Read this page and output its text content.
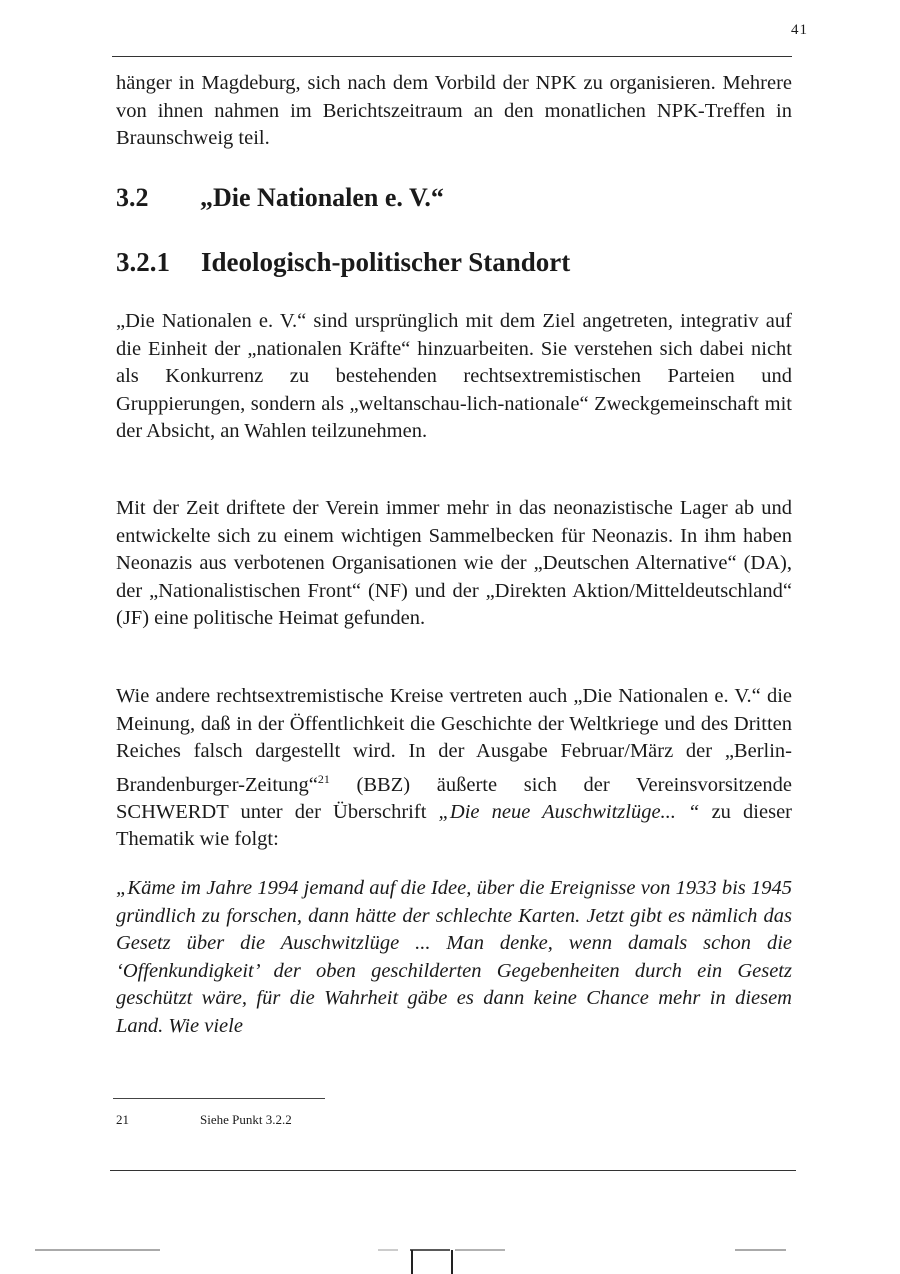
41

hänger in Magdeburg, sich nach dem Vorbild der NPK zu organisieren. Mehrere von ihnen nahmen im Berichtszeitraum an den monatlichen NPK-Treffen in Braunschweig teil.

3.2 „Die Nationalen e. V.“
3.2.1 Ideologisch-politischer Standort

„Die Nationalen e. V.“ sind ursprünglich mit dem Ziel angetreten, integrativ auf die Einheit der „nationalen Kräfte“ hinzuarbeiten. Sie verstehen sich dabei nicht als Konkurrenz zu bestehenden rechtsextremistischen Parteien und Gruppierungen, sondern als „weltanschau-lich-nationale“ Zweckgemeinschaft mit der Absicht, an Wahlen teilzunehmen.

Mit der Zeit driftete der Verein immer mehr in das neonazistische Lager ab und entwickelte sich zu einem wichtigen Sammelbecken für Neonazis. In ihm haben Neonazis aus verbotenen Organisationen wie der „Deutschen Alternative“ (DA), der „Nationalistischen Front“ (NF) und der „Direkten Aktion/Mitteldeutschland“ (JF) eine politische Heimat gefunden.

Wie andere rechtsextremistische Kreise vertreten auch „Die Nationalen e. V.“ die Meinung, daß in der Öffentlichkeit die Geschichte der Weltkriege und des Dritten Reiches falsch dargestellt wird. In der Ausgabe Februar/März der „Berlin-Brandenburger-Zeitung“$^{21}$ (BBZ) äußerte sich der Vereinsvorsitzende SCHWERDT unter der Überschrift „Die neue Auschwitzlüge... “ zu dieser Thematik wie folgt:

„Käme im Jahre 1994 jemand auf die Idee, über die Ereignisse von 1933 bis 1945 gründlich zu forschen, dann hätte der schlechte Karten. Jetzt gibt es nämlich das Gesetz über die Auschwitzlüge ... Man denke, wenn damals schon die ‘Offenkundigkeit’ der oben geschilderten Gegebenheiten durch ein Gesetz geschützt wäre, für die Wahrheit gäbe es dann keine Chance mehr in diesem Land. Wie viele

21	Siehe Punkt 3.2.2
